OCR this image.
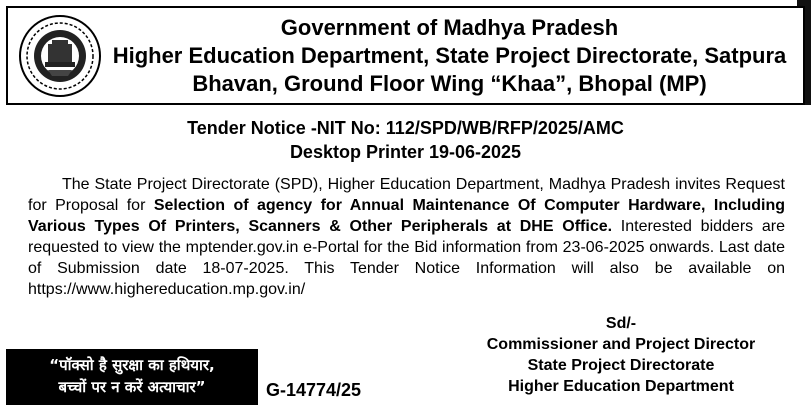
Government of Madhya Pradesh
Higher Education Department, State Project Directorate, Satpura
Bhavan, Ground Floor Wing “Khaa”, Bhopal (MP)
Tender Notice -NIT No: 112/SPD/WB/RFP/2025/AMC
Desktop Printer 19-06-2025
The State Project Directorate (SPD), Higher Education Department, Madhya Pradesh invites Request for Proposal for Selection of agency for Annual Maintenance Of Computer Hardware, Including Various Types Of Printers, Scanners & Other Peripherals at DHE Office. Interested bidders are requested to view the mptender.gov.in e-Portal for the Bid information from 23-06-2025 onwards. Last date of Submission date 18-07-2025. This Tender Notice Information will also be available on https://www.highereducation.mp.gov.in/
Sd/-
Commissioner and Project Director
State Project Directorate
Higher Education Department
“पॉक्सो है सुरक्षा का हथियार,
बच्चों पर न करें अत्याचार”	G-14774/25
